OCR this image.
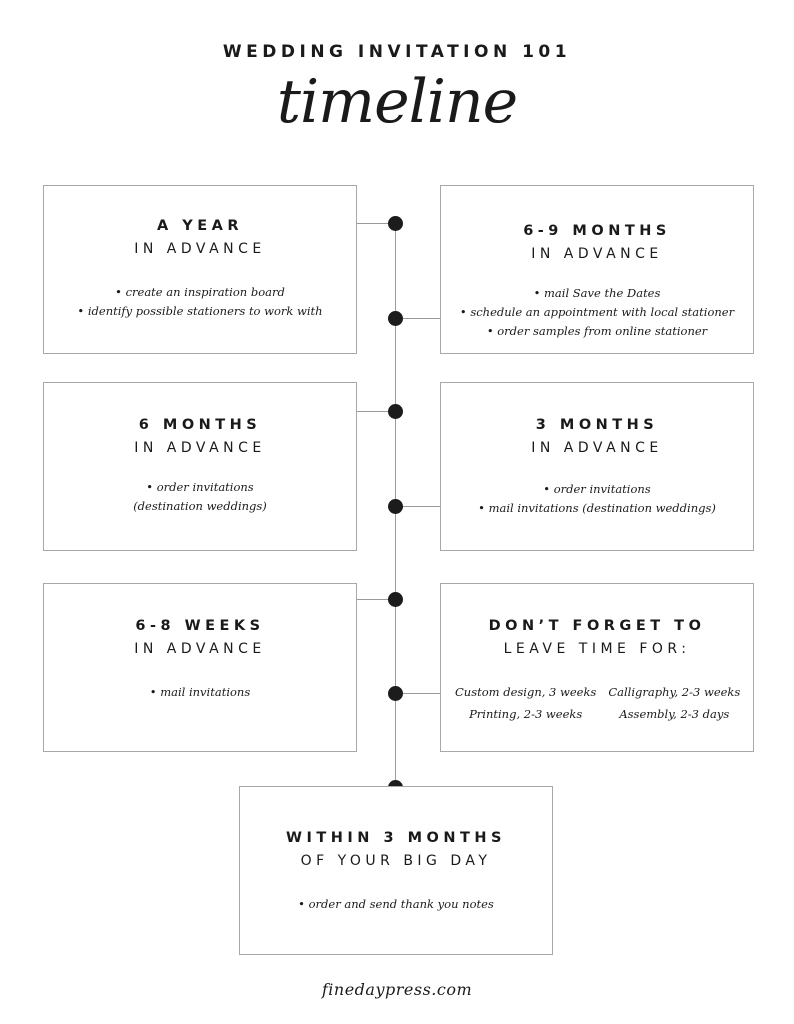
WEDDING INVITATION 101
timeline
A YEAR
IN ADVANCE
• create an inspiration board
• identify possible stationers to work with
6-9 MONTHS
IN ADVANCE
• mail Save the Dates
• schedule an appointment with local stationer
• order samples from online stationer
6 MONTHS
IN ADVANCE
• order invitations
(destination weddings)
3 MONTHS
IN ADVANCE
• order invitations
• mail invitations (destination weddings)
6-8 WEEKS
IN ADVANCE
• mail invitations
DON’T FORGET TO
LEAVE TIME FOR:
Custom design, 3 weeks Calligraphy, 2-3 weeks
Printing, 2-3 weeks	Assembly, 2-3 days
WITHIN 3 MONTHS
OF YOUR BIG DAY
• order and send thank you notes
finedaypress.com
